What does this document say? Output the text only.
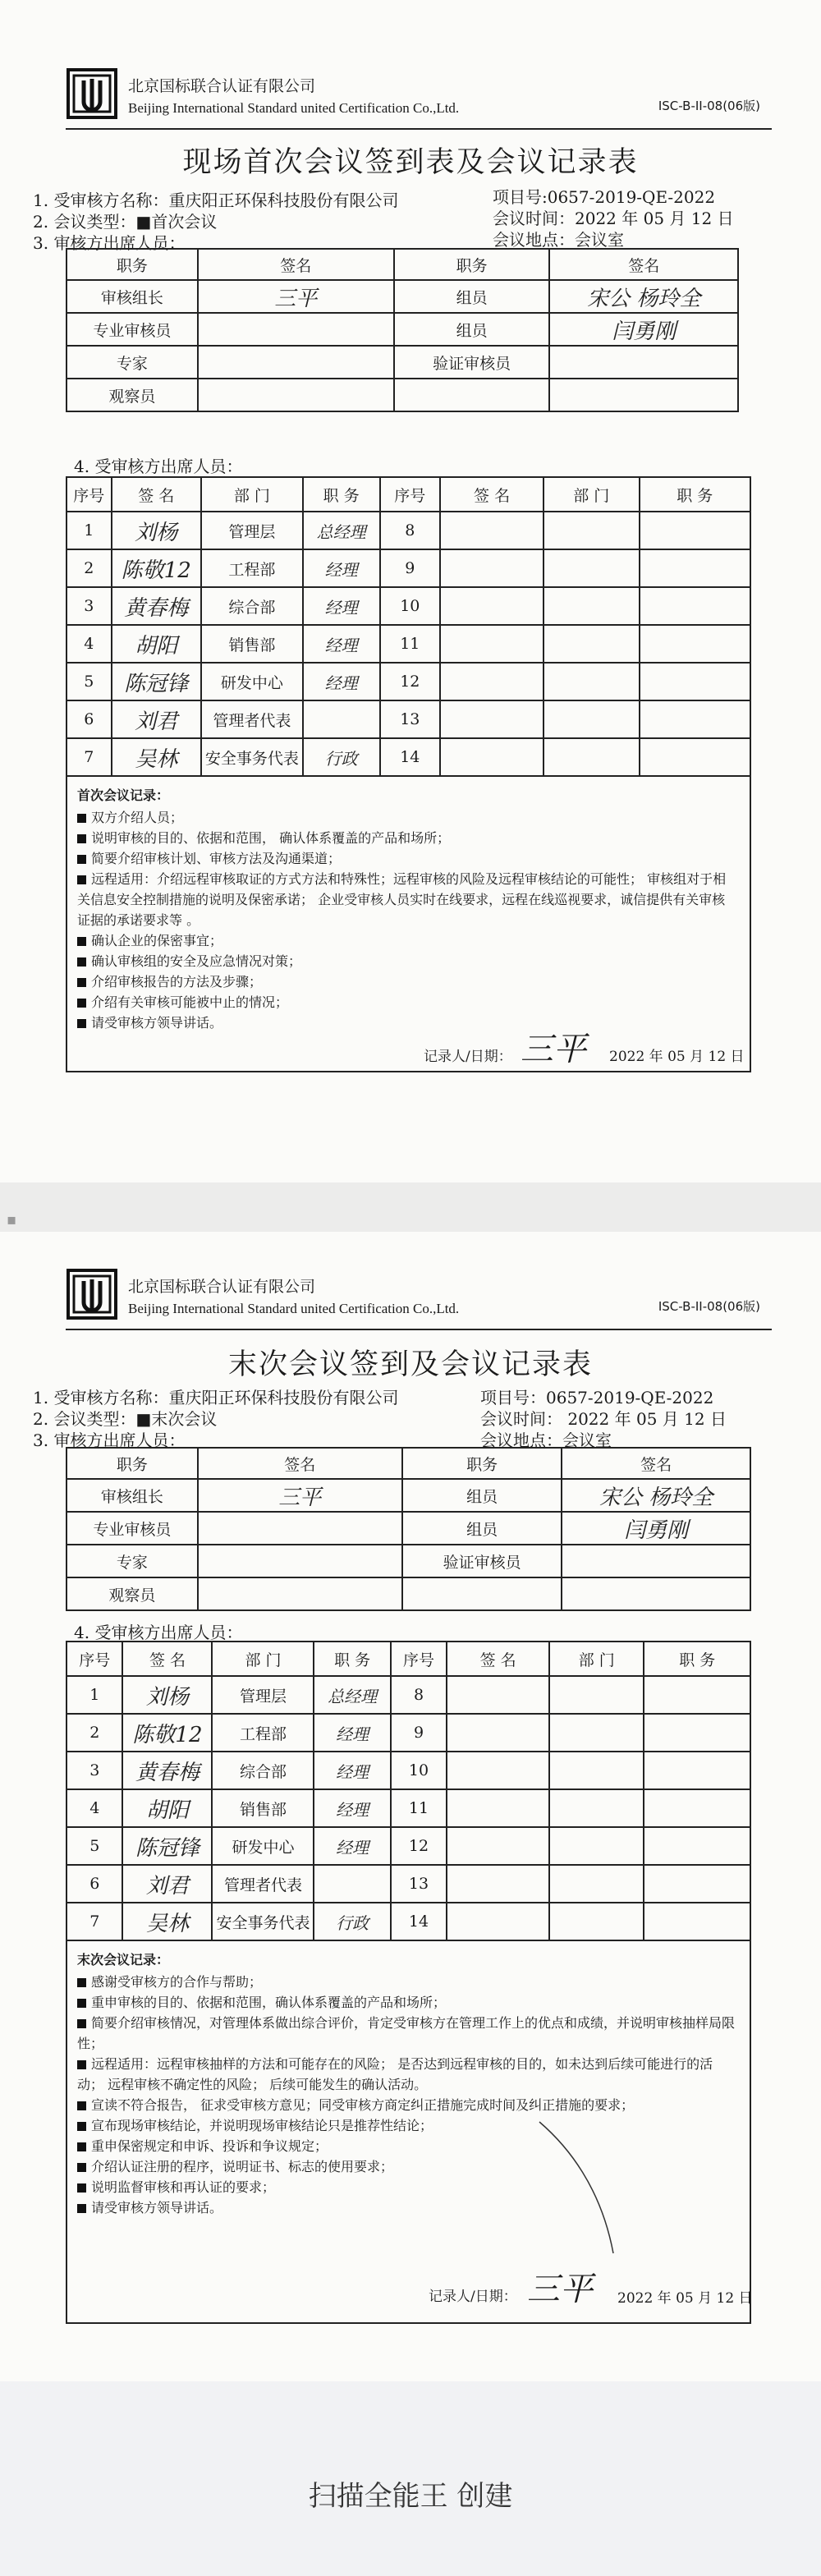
北京国标联合认证有限公司
Beijing International Standard united Certification Co.,Ltd.	ISC-B-II-08(06版)
现场首次会议签到表及会议记录表
1. 受审核方名称：重庆阳正环保科技股份有限公司	项目号:0657-2019-QE-2022
2. 会议类型：■首次会议	会议时间：2022 年 05 月 12 日
3. 审核方出席人员：	会议地点：会议室
职务	签名	职务	签名
审核组长	三平	组员	宋公 杨玲全
专业审核员		组员	闫勇刚
专家		验证审核员	
观察员			
4. 受审核方出席人员：
序号	签 名	部 门	职 务	序号	签 名	部 门	职 务
1	刘杨	管理层	总经理	8			
2	陈敬12	工程部	经理	9			
3	黄春梅	综合部	经理	10			
4	胡阳	销售部	经理	11			
5	陈冠锋	研发中心	经理	12			
6	刘君	管理者代表		13			
7	吴林	安全事务代表	行政	14			
首次会议记录：
双方介绍人员；
说明审核的目的、依据和范围， 确认体系覆盖的产品和场所；
简要介绍审核计划、审核方法及沟通渠道；
远程适用：介绍远程审核取证的方式方法和特殊性；远程审核的风险及远程审核结论的可能性； 审核组对于相关信息安全控制措施的说明及保密承诺； 企业受审核人员实时在线要求，远程在线巡视要求，诚信提供有关审核证据的承诺要求等 。
确认企业的保密事宜；
确认审核组的安全及应急情况对策；
介绍审核报告的方法及步骤；
介绍有关审核可能被中止的情况；
请受审核方领导讲话。
记录人/日期： 三平 2022 年 05 月 12 日
▪
北京国标联合认证有限公司
Beijing International Standard united Certification Co.,Ltd.	ISC-B-II-08(06版)
末次会议签到及会议记录表
1. 受审核方名称：重庆阳正环保科技股份有限公司	项目号：0657-2019-QE-2022
2. 会议类型：■末次会议	会议时间： 2022 年 05 月 12 日
3. 审核方出席人员：	会议地点：会议室
职务	签名	职务	签名
审核组长	三平	组员	宋公 杨玲全
专业审核员		组员	闫勇刚
专家		验证审核员	
观察员			
4. 受审核方出席人员：
序号	签 名	部 门	职 务	序号	签 名	部 门	职 务
1	刘杨	管理层	总经理	8			
2	陈敬12	工程部	经理	9			
3	黄春梅	综合部	经理	10			
4	胡阳	销售部	经理	11			
5	陈冠锋	研发中心	经理	12			
6	刘君	管理者代表		13			
7	吴林	安全事务代表	行政	14			
末次会议记录：
感谢受审核方的合作与帮助；
重申审核的目的、依据和范围，确认体系覆盖的产品和场所；
简要介绍审核情况，对管理体系做出综合评价，肯定受审核方在管理工作上的优点和成绩，并说明审核抽样局限性；
远程适用：远程审核抽样的方法和可能存在的风险； 是否达到远程审核的目的，如未达到后续可能进行的活动； 远程审核不确定性的风险； 后续可能发生的确认活动。
宣读不符合报告， 征求受审核方意见；同受审核方商定纠正措施完成时间及纠正措施的要求；
宣布现场审核结论，并说明现场审核结论只是推荐性结论；
重申保密规定和申诉、投诉和争议规定；
介绍认证注册的程序，说明证书、标志的使用要求；
说明监督审核和再认证的要求；
请受审核方领导讲话。
记录人/日期： 三平 2022 年 05 月 12 日
扫描全能王 创建
